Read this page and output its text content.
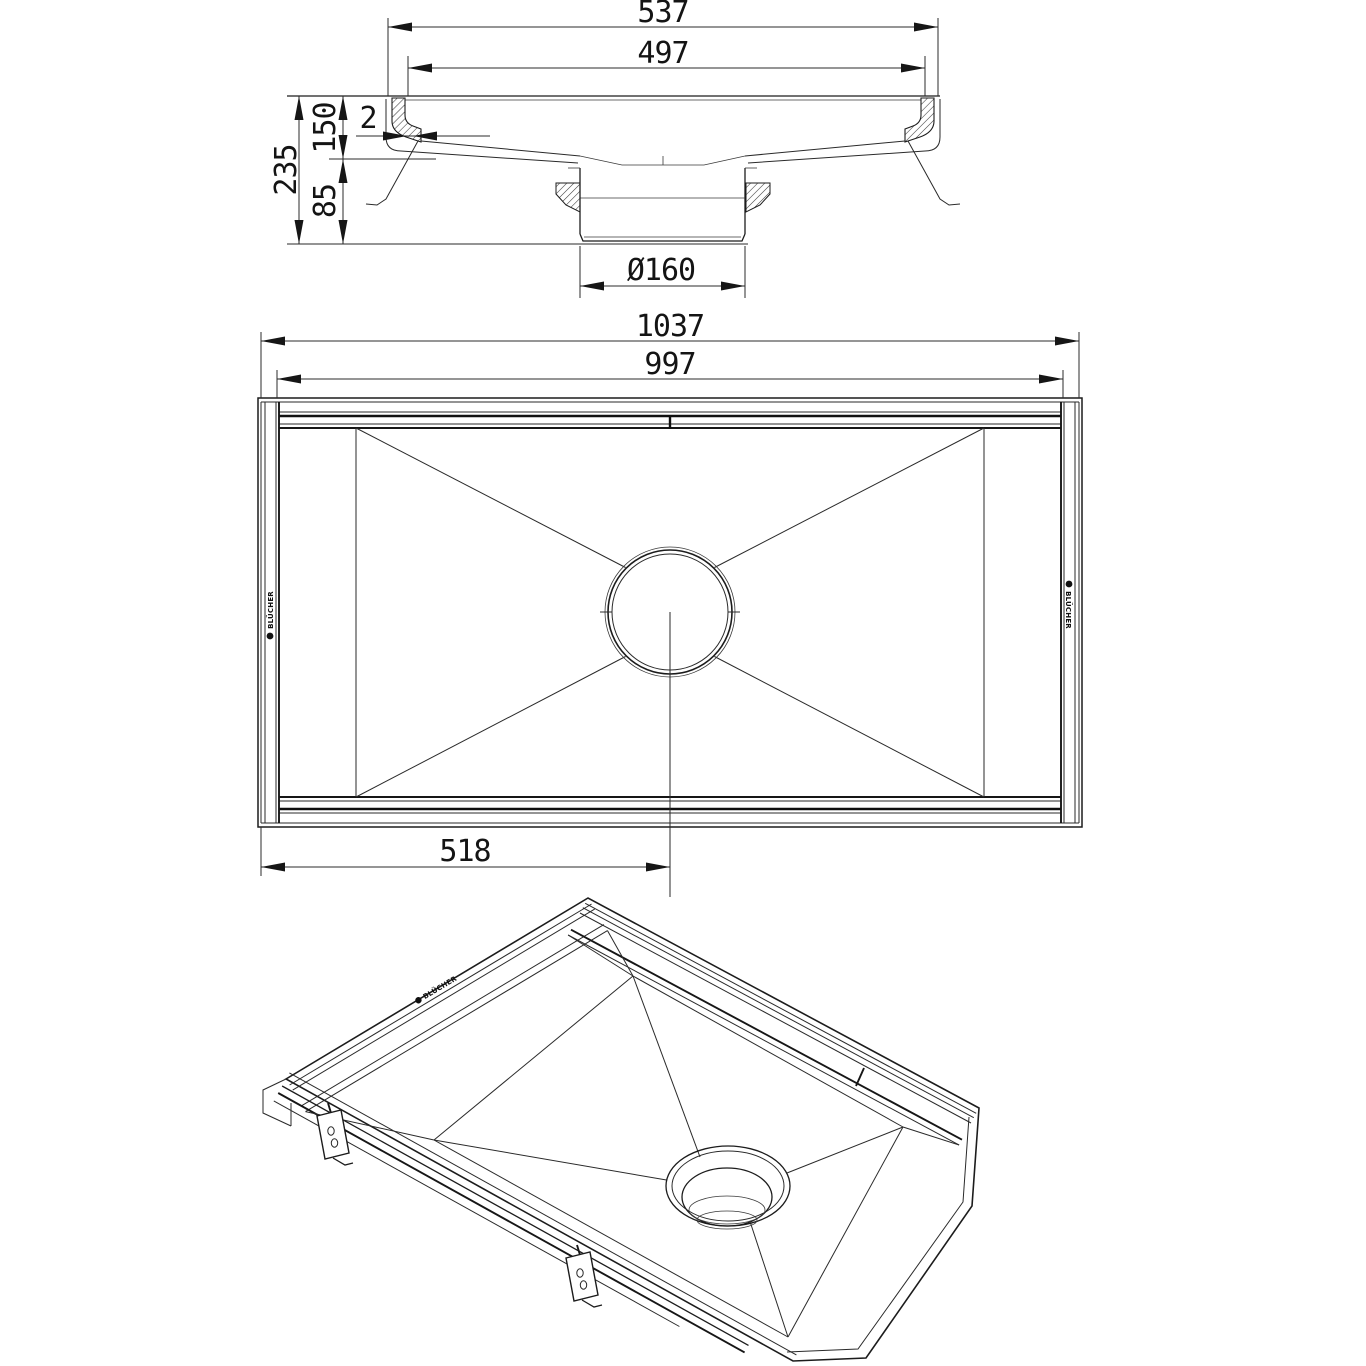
537
497
2
235
150
85
Ø160
BLÜCHER	BLÜCHER
1037
997
518
BLÜCHER
